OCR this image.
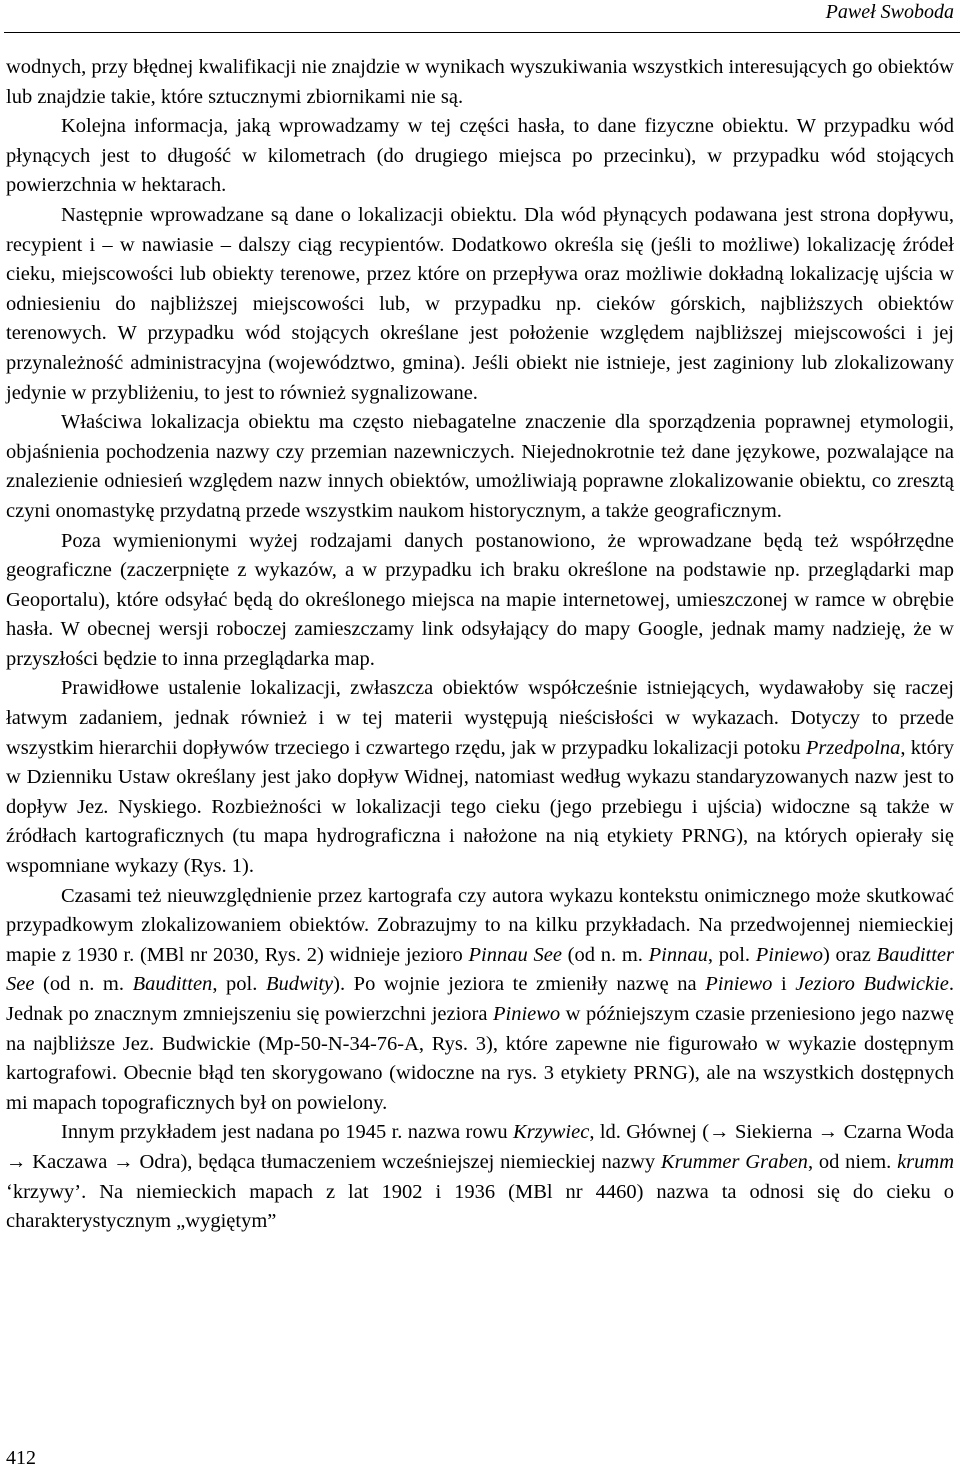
Paweł Swoboda

wodnych, przy błędnej kwalifikacji nie znajdzie w wynikach wyszukiwania wszystkich interesujących go obiektów lub znajdzie takie, które sztucznymi zbiornikami nie są.

Kolejna informacja, jaką wprowadzamy w tej części hasła, to dane fizyczne obiektu. W przypadku wód płynących jest to długość w kilometrach (do drugiego miejsca po przecinku), w przypadku wód stojących powierzchnia w hektarach.

Następnie wprowadzane są dane o lokalizacji obiektu. Dla wód płynących podawana jest strona dopływu, recypient i – w nawiasie – dalszy ciąg recypientów. Dodatkowo określa się (jeśli to możliwe) lokalizację źródeł cieku, miejscowości lub obiekty terenowe, przez które on przepływa oraz możliwie dokładną lokalizację ujścia w odniesieniu do najbliższej miejscowości lub, w przypadku np. cieków górskich, najbliższych obiektów terenowych. W przypadku wód stojących określane jest położenie względem najbliższej miejscowości i jej przynależność administracyjna (województwo, gmina). Jeśli obiekt nie istnieje, jest zaginiony lub zlokalizowany jedynie w przybliżeniu, to jest to również sygnalizowane.

Właściwa lokalizacja obiektu ma często niebagatelne znaczenie dla sporządzenia poprawnej etymologii, objaśnienia pochodzenia nazwy czy przemian nazewniczych. Niejednokrotnie też dane językowe, pozwalające na znalezienie odniesień względem nazw innych obiektów, umożliwiają poprawne zlokalizowanie obiektu, co zresztą czyni onomastykę przydatną przede wszystkim naukom historycznym, a także geograficznym.

Poza wymienionymi wyżej rodzajami danych postanowiono, że wprowadzane będą też współrzędne geograficzne (zaczerpnięte z wykazów, a w przypadku ich braku określone na podstawie np. przeglądarki map Geoportalu), które odsyłać będą do określonego miejsca na mapie internetowej, umieszczonej w ramce w obrębie hasła. W obecnej wersji roboczej zamieszczamy link odsyłający do mapy Google, jednak mamy nadzieję, że w przyszłości będzie to inna przeglądarka map.

Prawidłowe ustalenie lokalizacji, zwłaszcza obiektów współcześnie istniejących, wydawałoby się raczej łatwym zadaniem, jednak również i w tej materii występują nieścisłości w wykazach. Dotyczy to przede wszystkim hierarchii dopływów trzeciego i czwartego rzędu, jak w przypadku lokalizacji potoku Przedpolna, który w Dzienniku Ustaw określany jest jako dopływ Widnej, natomiast według wykazu standaryzowanych nazw jest to dopływ Jez. Nyskiego. Rozbieżności w lokalizacji tego cieku (jego przebiegu i ujścia) widoczne są także w źródłach kartograficznych (tu mapa hydrograficzna i nałożone na nią etykiety PRNG), na których opierały się wspomniane wykazy (Rys. 1).

Czasami też nieuwzględnienie przez kartografa czy autora wykazu kontekstu onimicznego może skutkować przypadkowym zlokalizowaniem obiektów. Zobrazujmy to na kilku przykładach. Na przedwojennej niemieckiej mapie z 1930 r. (MBl nr 2030, Rys. 2) widnieje jezioro Pinnau See (od n. m. Pinnau, pol. Piniewo) oraz Bauditter See (od n. m. Bauditten, pol. Budwity). Po wojnie jeziora te zmieniły nazwę na Piniewo i Jezioro Budwickie. Jednak po znacznym zmniejszeniu się powierzchni jeziora Piniewo w późniejszym czasie przeniesiono jego nazwę na najbliższe Jez. Budwickie (Mp-50-N-34-76-A, Rys. 3), które zapewne nie figurowało w wykazie dostępnym kartografowi. Obecnie błąd ten skorygowano (widoczne na rys. 3 etykiety PRNG), ale na wszystkich dostępnych mi mapach topograficznych był on powielony.

Innym przykładem jest nadana po 1945 r. nazwa rowu Krzywiec, ld. Głównej (→ Siekierna → Czarna Woda → Kaczawa → Odra), będąca tłumaczeniem wcześniejszej niemieckiej nazwy Krummer Graben, od niem. krumm ‘krzywy’. Na niemieckich mapach z lat 1902 i 1936 (MBl nr 4460) nazwa ta odnosi się do cieku o charakterystycznym „wygiętym”

412
